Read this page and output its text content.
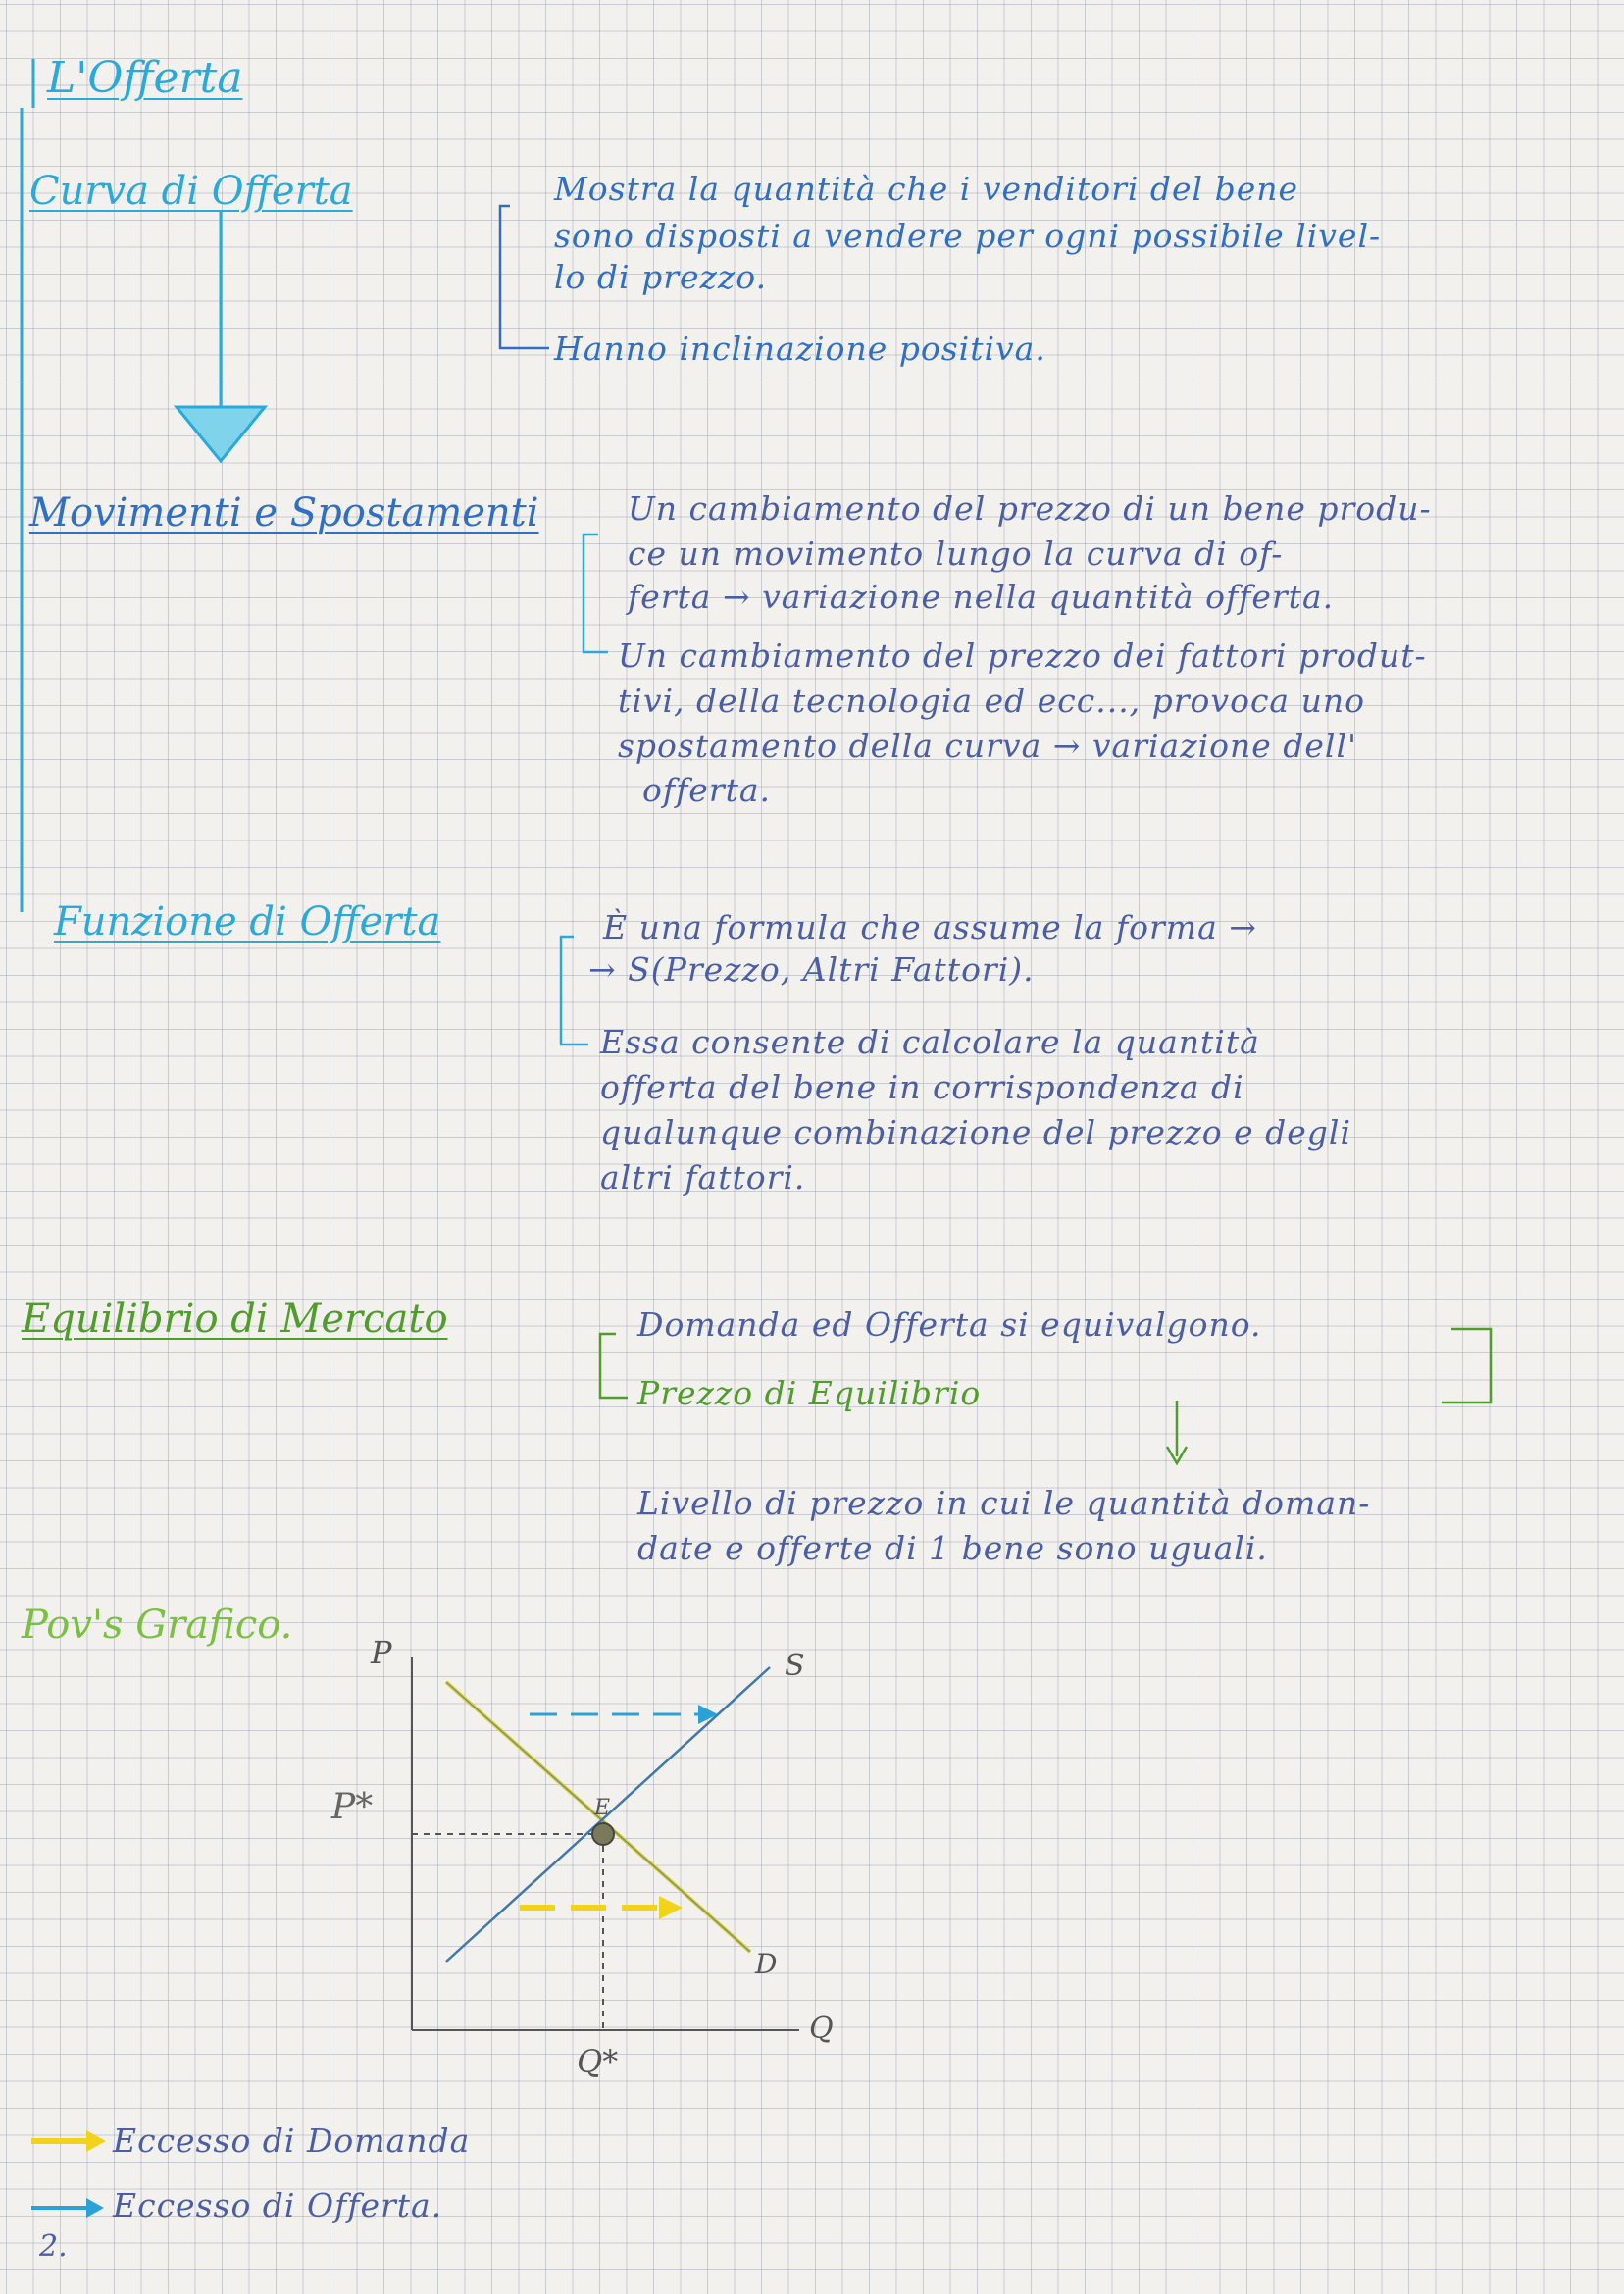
L'Offerta
Curva di Offerta	Mostra la quantità che i venditori del bene
sono disposti a vendere per ogni possibile livel-
lo di prezzo.
Hanno inclinazione positiva.
Movimenti e Spostamenti	Un cambiamento del prezzo di un bene produ-
ce un movimento lungo la curva di of-
ferta → variazione nella quantità offerta.
Un cambiamento del prezzo dei fattori produt-
tivi, della tecnologia ed ecc..., provoca uno
spostamento della curva → variazione dell'
offerta.
Funzione di Offerta	È una formula che assume la forma →
→ S(Prezzo, Altri Fattori).
Essa consente di calcolare la quantità
offerta del bene in corrispondenza di
qualunque combinazione del prezzo e degli
altri fattori.
Equilibrio di Mercato	Domanda ed Offerta si equivalgono.
Prezzo di Equilibrio
Livello di prezzo in cui le quantità doman-
date e offerte di 1 bene sono uguali.
Pov's Grafico.
P
P*
Q*
Q
S
D
E
Eccesso di Domanda
Eccesso di Offerta.
2.
